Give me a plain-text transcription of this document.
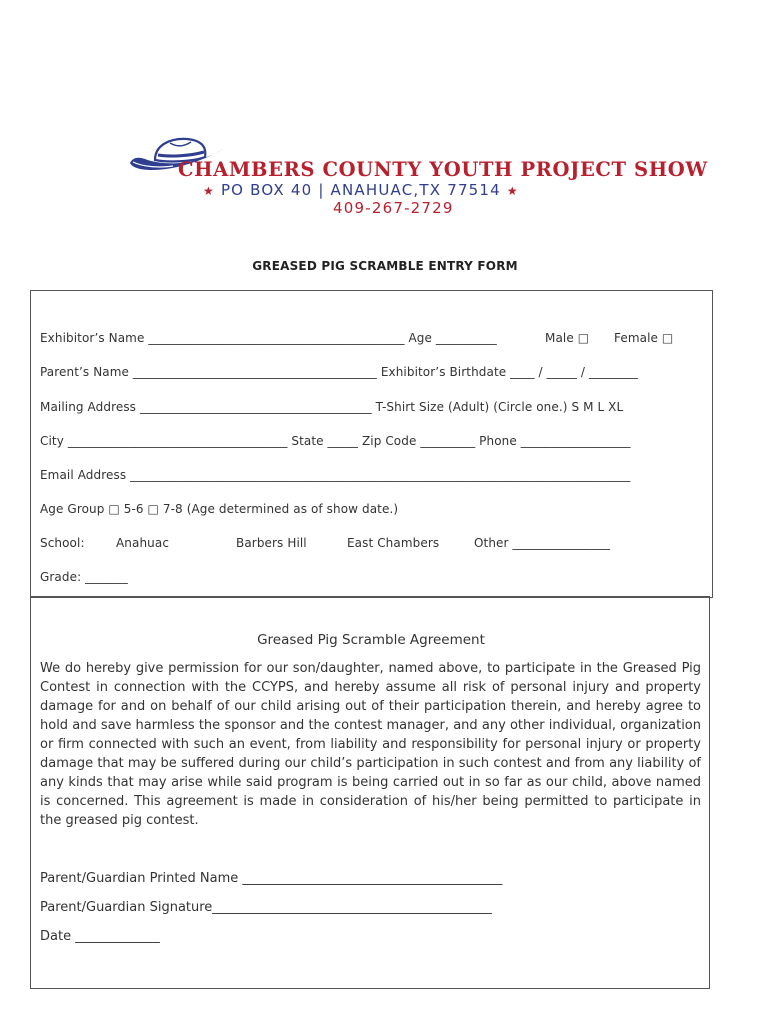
CHAMBERS COUNTY YOUTH PROJECT SHOW
★ PO BOX 40 | ANAHUAC,TX 77514 ★
409-267-2729
GREASED PIG SCRAMBLE ENTRY FORM
Exhibitor’s Name __________________________________________ Age __________	Male □ Female □
Parent’s Name ________________________________________ Exhibitor’s Birthdate ____ / _____ / ________
Mailing Address ______________________________________ T-Shirt Size (Adult) (Circle one.) S M L XL
City ____________________________________ State _____ Zip Code _________ Phone __________________
Email Address __________________________________________________________________________________
Age Group □ 5-6 □ 7-8 (Age determined as of show date.)
School:	Anahuac	Barbers Hill	East Chambers	Other ________________
Grade: _______
Greased Pig Scramble Agreement
We do hereby give permission for our son/daughter, named above, to participate in the Greased Pig Contest in connection with the CCYPS, and hereby assume all risk of personal injury and property damage for and on behalf of our child arising out of their participation therein, and hereby agree to hold and save harmless the sponsor and the contest manager, and any other individual, organization or firm connected with such an event, from liability and responsibility for personal injury or property damage that may be suffered during our child’s participation in such contest and from any liability of any kinds that may arise while said program is being carried out in so far as our child, above named is concerned. This agreement is made in consideration of his/her being permitted to participate in the greased pig contest.
Parent/Guardian Printed Name ________________________________________
Parent/Guardian Signature___________________________________________
Date _____________
